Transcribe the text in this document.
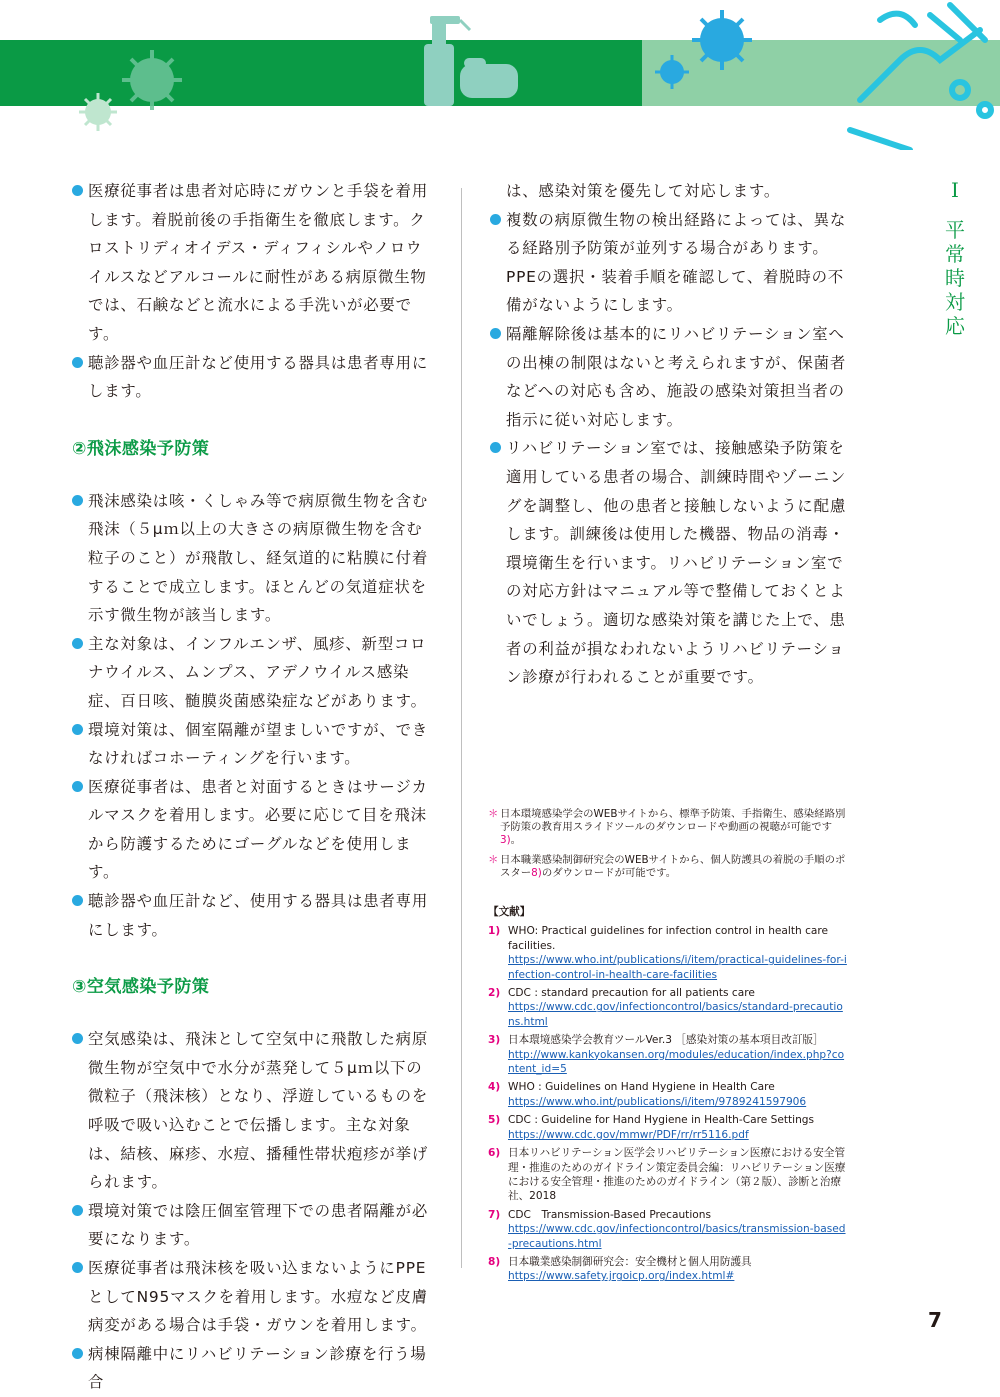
医療従事者は患者対応時にガウンと手袋を着用します。着脱前後の手指衛生を徹底します。クロストリディオイデス・ディフィシルやノロウイルスなどアルコールに耐性がある病原微生物では、石鹸などと流水による手洗いが必要です。
聴診器や血圧計など使用する器具は患者専用にします。
②飛沫感染予防策
飛沫感染は咳・くしゃみ等で病原微生物を含む飛沫（５μｍ以上の大きさの病原微生物を含む粒子のこと）が飛散し、経気道的に粘膜に付着することで成立します。ほとんどの気道症状を示す微生物が該当します。
主な対象は、インフルエンザ、風疹、新型コロナウイルス、ムンプス、アデノウイルス感染症、百日咳、髄膜炎菌感染症などがあります。
環境対策は、個室隔離が望ましいですが、できなければコホーティングを行います。
医療従事者は、患者と対面するときはサージカルマスクを着用します。必要に応じて目を飛沫から防護するためにゴーグルなどを使用します。
聴診器や血圧計など、使用する器具は患者専用にします。
③空気感染予防策
空気感染は、飛沫として空気中に飛散した病原微生物が空気中で水分が蒸発して５μｍ以下の微粒子（飛沫核）となり、浮遊しているものを呼吸で吸い込むことで伝播します。主な対象は、結核、麻疹、水痘、播種性帯状疱疹が挙げられます。
環境対策では陰圧個室管理下での患者隔離が必要になります。
医療従事者は飛沫核を吸い込まないようにPPEとしてN95マスクを着用します。水痘など皮膚病変がある場合は手袋・ガウンを着用します。
病棟隔離中にリハビリテーション診療を行う場合
は、感染対策を優先して対応します。
複数の病原微生物の検出経路によっては、異なる経路別予防策が並列する場合があります。PPEの選択・装着手順を確認して、着脱時の不備がないようにします。
隔離解除後は基本的にリハビリテーション室への出棟の制限はないと考えられますが、保菌者などへの対応も含め、施設の感染対策担当者の指示に従い対応します。
リハビリテーション室では、接触感染予防策を適用している患者の場合、訓練時間やゾーニングを調整し、他の患者と接触しないように配慮します。訓練後は使用した機器、物品の消毒・環境衛生を行います。リハビリテーション室での対応方針はマニュアル等で整備しておくとよいでしょう。適切な感染対策を講じた上で、患者の利益が損なわれないようリハビリテーション診療が行われることが重要です。
＊ 日本環境感染学会のWEBサイトから、標準予防策、手指衛生、感染経路別予防策の教育用スライドツールのダウンロードや動画の視聴が可能です3)。
＊ 日本職業感染制御研究会のWEBサイトから、個人防護具の着脱の手順のポスター8)のダウンロードが可能です。
【文献】
1) WHO: Practical guidelines for infection control in health care facilities.
https://www.who.int/publications/i/item/practical-guidelines-for-infection-control-in-health-care-facilities
2) CDC : standard precaution for all patients care
https://www.cdc.gov/infectioncontrol/basics/standard-precautions.html
3) 日本環境感染学会教育ツールVer.3 ［感染対策の基本項目改訂版］
http://www.kankyokansen.org/modules/education/index.php?content_id=5
4) WHO : Guidelines on Hand Hygiene in Health Care
https://www.who.int/publications/i/item/9789241597906
5) CDC : Guideline for Hand Hygiene in Health-Care Settings
https://www.cdc.gov/mmwr/PDF/rr/rr5116.pdf
6) 日本リハビリテーション医学会リハビリテーション医療における安全管理・推進のためのガイドライン策定委員会編：リハビリテーション医療における安全管理・推進のためのガイドライン（第２版）、診断と治療社、2018
7) CDC　Transmission-Based Precautions
https://www.cdc.gov/infectioncontrol/basics/transmission-based-precautions.html
8) 日本職業感染制御研究会：安全機材と個人用防護具
https://www.safety.jrgoicp.org/index.html#
I
平常時対応
7
